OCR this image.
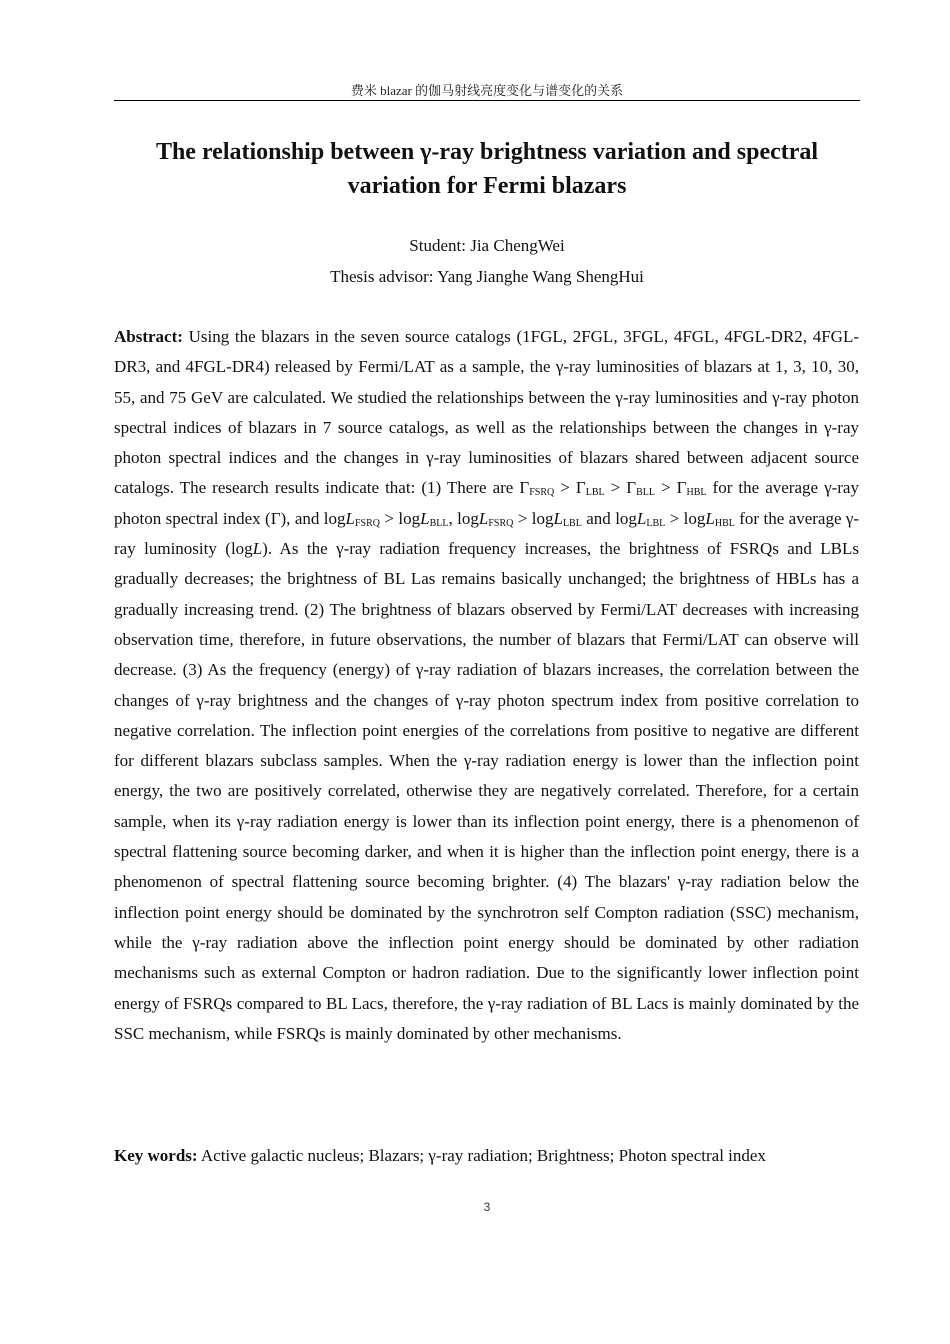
费米 blazar 的伽马射线亮度变化与谱变化的关系
The relationship between γ-ray brightness variation and spectral
variation for Fermi blazars
Student: Jia ChengWei
Thesis advisor: Yang Jianghe Wang ShengHui

Abstract: Using the blazars in the seven source catalogs (1FGL, 2FGL, 3FGL, 4FGL, 4FGL-DR2, 4FGL-DR3, and 4FGL-DR4) released by Fermi/LAT as a sample, the γ-ray luminosities of blazars at 1, 3, 10, 30, 55, and 75 GeV are calculated. We studied the relationships between the γ-ray luminosities and γ-ray photon spectral indices of blazars in 7 source catalogs, as well as the relationships between the changes in γ-ray photon spectral indices and the changes in γ-ray luminosities of blazars shared between adjacent source catalogs. The research results indicate that: (1) There are $\Gamma_{FSRQ} > \Gamma_{LBL} > \Gamma_{BLL} > \Gamma_{HBL}$ for the average γ-ray photon spectral index (Γ), and logL$_{FSRQ}$ > logL$_{BLL}$, logL$_{FSRQ}$ > logL$_{LBL}$ and logL$_{LBL}$ > logL$_{HBL}$ for the average γ-ray luminosity (logL). As the γ-ray radiation frequency increases, the brightness of FSRQs and LBLs gradually decreases; the brightness of BL Las remains basically unchanged; the brightness of HBLs has a gradually increasing trend. (2) The brightness of blazars observed by Fermi/LAT decreases with increasing observation time, therefore, in future observations, the number of blazars that Fermi/LAT can observe will decrease. (3) As the frequency (energy) of γ-ray radiation of blazars increases, the correlation between the changes of γ-ray brightness and the changes of γ-ray photon spectrum index from positive correlation to negative correlation. The inflection point energies of the correlations from positive to negative are different for different blazars subclass samples. When the γ-ray radiation energy is lower than the inflection point energy, the two are positively correlated, otherwise they are negatively correlated. Therefore, for a certain sample, when its γ-ray radiation energy is lower than its inflection point energy, there is a phenomenon of spectral flattening source becoming darker, and when it is higher than the inflection point energy, there is a phenomenon of spectral flattening source becoming brighter. (4) The blazars' γ-ray radiation below the inflection point energy should be dominated by the synchrotron self Compton radiation (SSC) mechanism, while the γ-ray radiation above the inflection point energy should be dominated by other radiation mechanisms such as external Compton or hadron radiation. Due to the significantly lower inflection point energy of FSRQs compared to BL Lacs, therefore, the γ-ray radiation of BL Lacs is mainly dominated by the SSC mechanism, while FSRQs is mainly dominated by other mechanisms.

Key words: Active galactic nucleus; Blazars; γ-ray radiation; Brightness; Photon spectral index

3
